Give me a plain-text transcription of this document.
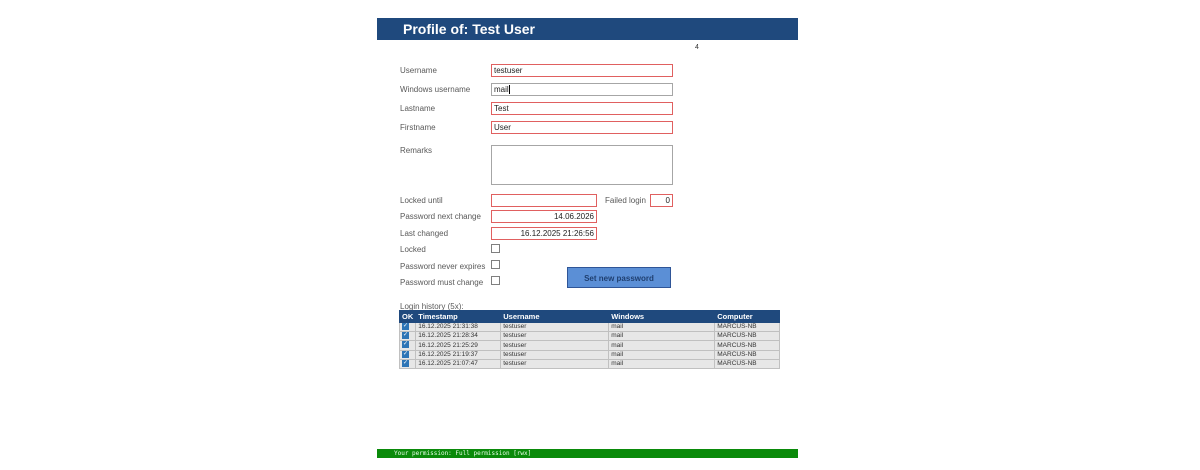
Profile of: Test User
4
Username	testuser
Windows username	mail
Lastname	Test
Firstname	User
Remarks
Locked until	Failed login	0
Password next change	14.06.2026
Last changed	16.12.2025 21:26:56
Locked
Password never expires
Password must change	Set new password
Login history (5x):
OK	Timestamp	Username	Windows	Computer
✓	16.12.2025 21:31:38	testuser	mail	MARCUS-NB
✓	16.12.2025 21:28:34	testuser	mail	MARCUS-NB
✓	16.12.2025 21:25:29	testuser	mail	MARCUS-NB
✓	16.12.2025 21:19:37	testuser	mail	MARCUS-NB
✓	16.12.2025 21:07:47	testuser	mail	MARCUS-NB
Your permission: Full permission [rwx]
